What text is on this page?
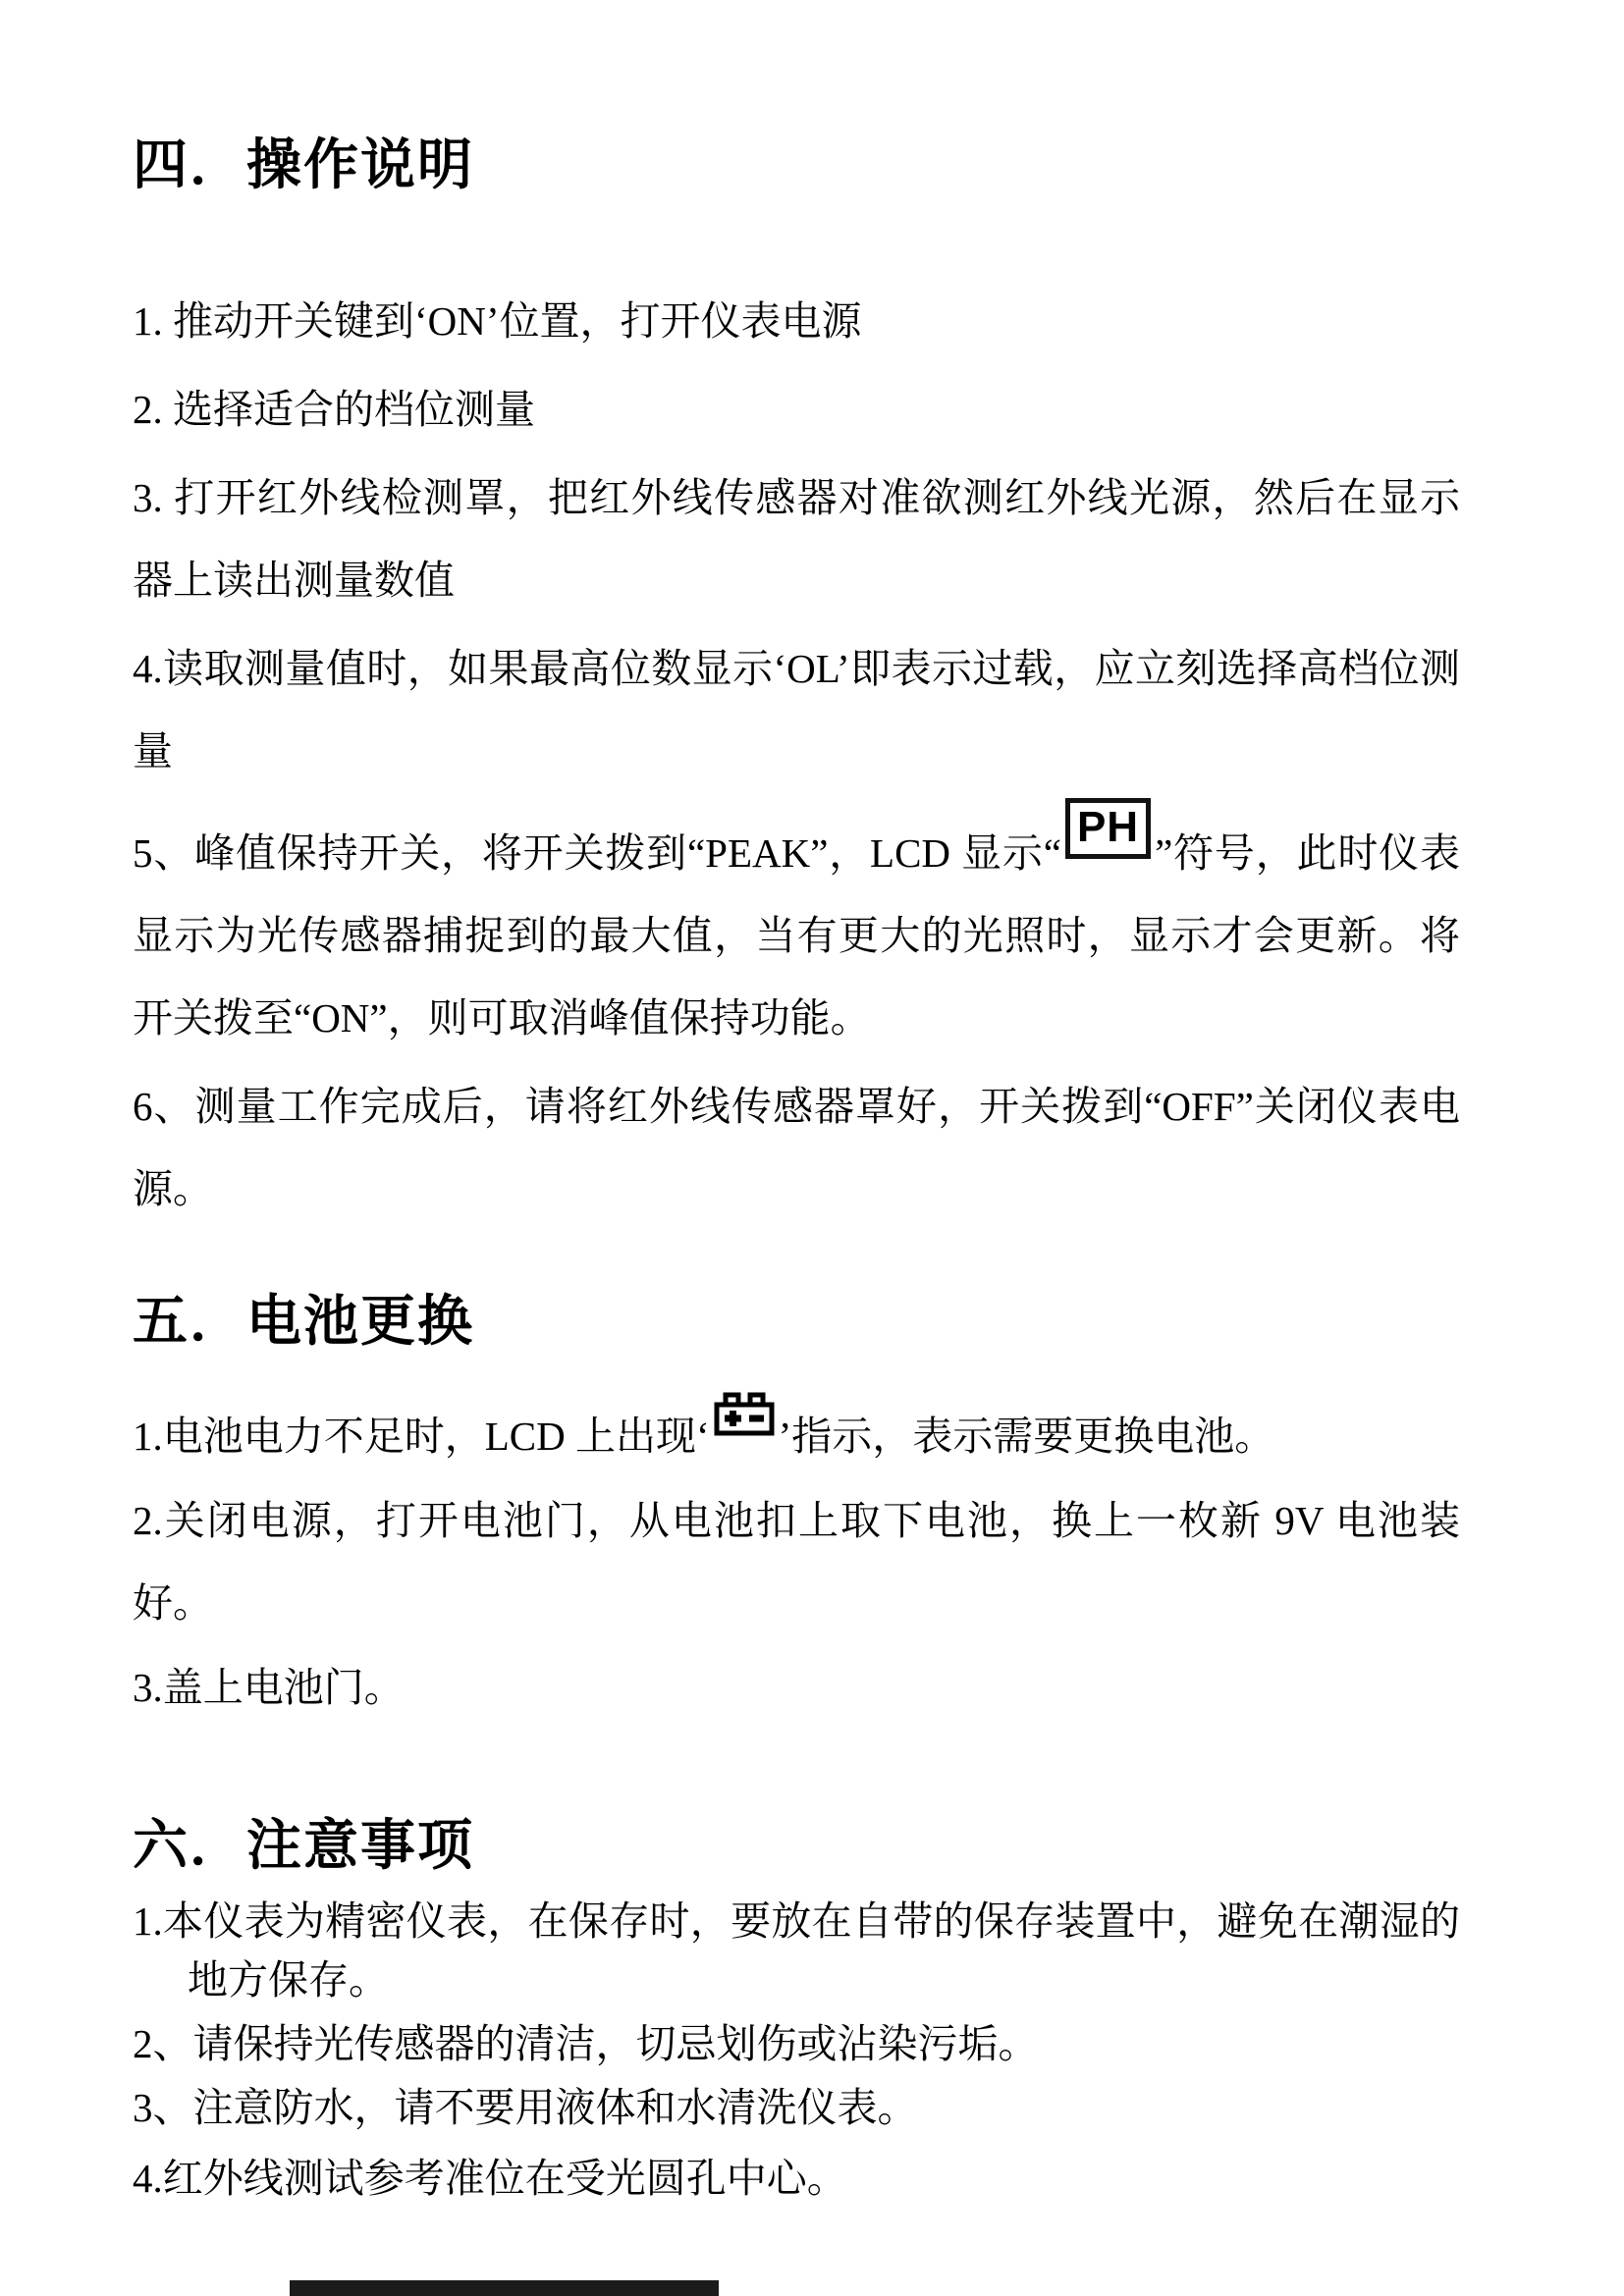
四．操作说明

1. 推动开关键到‘ON’位置，打开仪表电源

2. 选择适合的档位测量

3. 打开红外线检测罩，把红外线传感器对准欲测红外线光源，然后在显示器上读出测量数值

4.读取测量值时，如果最高位数显示‘OL’即表示过载，应立刻选择高档位测量

5、峰值保持开关，将开关拨到“PEAK”，LCD 显示“PH”符号，此时仪表显示为光传感器捕捉到的最大值，当有更大的光照时，显示才会更新。将开关拨至“ON”，则可取消峰值保持功能。

6、测量工作完成后，请将红外线传感器罩好，开关拨到“OFF”关闭仪表电源。

五．电池更换

1.电池电力不足时，LCD 上出现‘ ’指示，表示需要更换电池。

2.关闭电源，打开电池门，从电池扣上取下电池，换上一枚新 9V 电池装好。

3.盖上电池门。

六．注意事项

1.本仪表为精密仪表，在保存时，要放在自带的保存装置中，避免在潮湿的地方保存。

2、请保持光传感器的清洁，切忌划伤或沾染污垢。

3、注意防水，请不要用液体和水清洗仪表。

4.红外线测试参考准位在受光圆孔中心。
